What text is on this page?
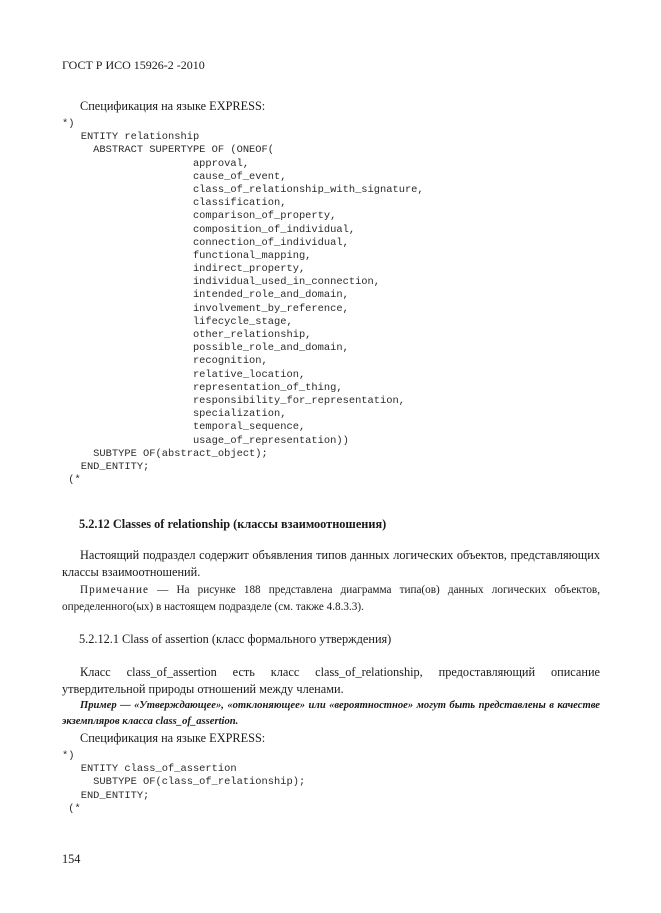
ГОСТ Р ИСО 15926-2 -2010
Спецификация на языке EXPRESS:
*)
ENTITY relationship
ABSTRACT SUPERTYPE OF (ONEOF(
approval,
cause_of_event,
class_of_relationship_with_signature,
classification,
comparison_of_property,
composition_of_individual,
connection_of_individual,
functional_mapping,
indirect_property,
individual_used_in_connection,
intended_role_and_domain,
involvement_by_reference,
lifecycle_stage,
other_relationship,
possible_role_and_domain,
recognition,
relative_location,
representation_of_thing,
responsibility_for_representation,
specialization,
temporal_sequence,
usage_of_representation))
SUBTYPE OF(abstract_object);
END_ENTITY;
(*
5.2.12 Classes of relationship (классы взаимоотношения)
Настоящий подраздел содержит объявления типов данных логических объектов, представляющих классы взаимоотношений.
Примечание — На рисунке 188 представлена диаграмма типа(ов) данных логических объектов, определенного(ых) в настоящем подразделе (см. также 4.8.3.3).
5.2.12.1 Class of assertion (класс формального утверждения)
Класс class_of_assertion есть класс class_of_relationship, предоставляющий описание утвердительной природы отношений между членами.
Пример — «Утверждающее», «отклоняющее» или «вероятностное» могут быть представлены в качестве экземпляров класса class_of_assertion.
Спецификация на языке EXPRESS:
*)
ENTITY class_of_assertion
SUBTYPE OF(class_of_relationship);
END_ENTITY;
(*
154
